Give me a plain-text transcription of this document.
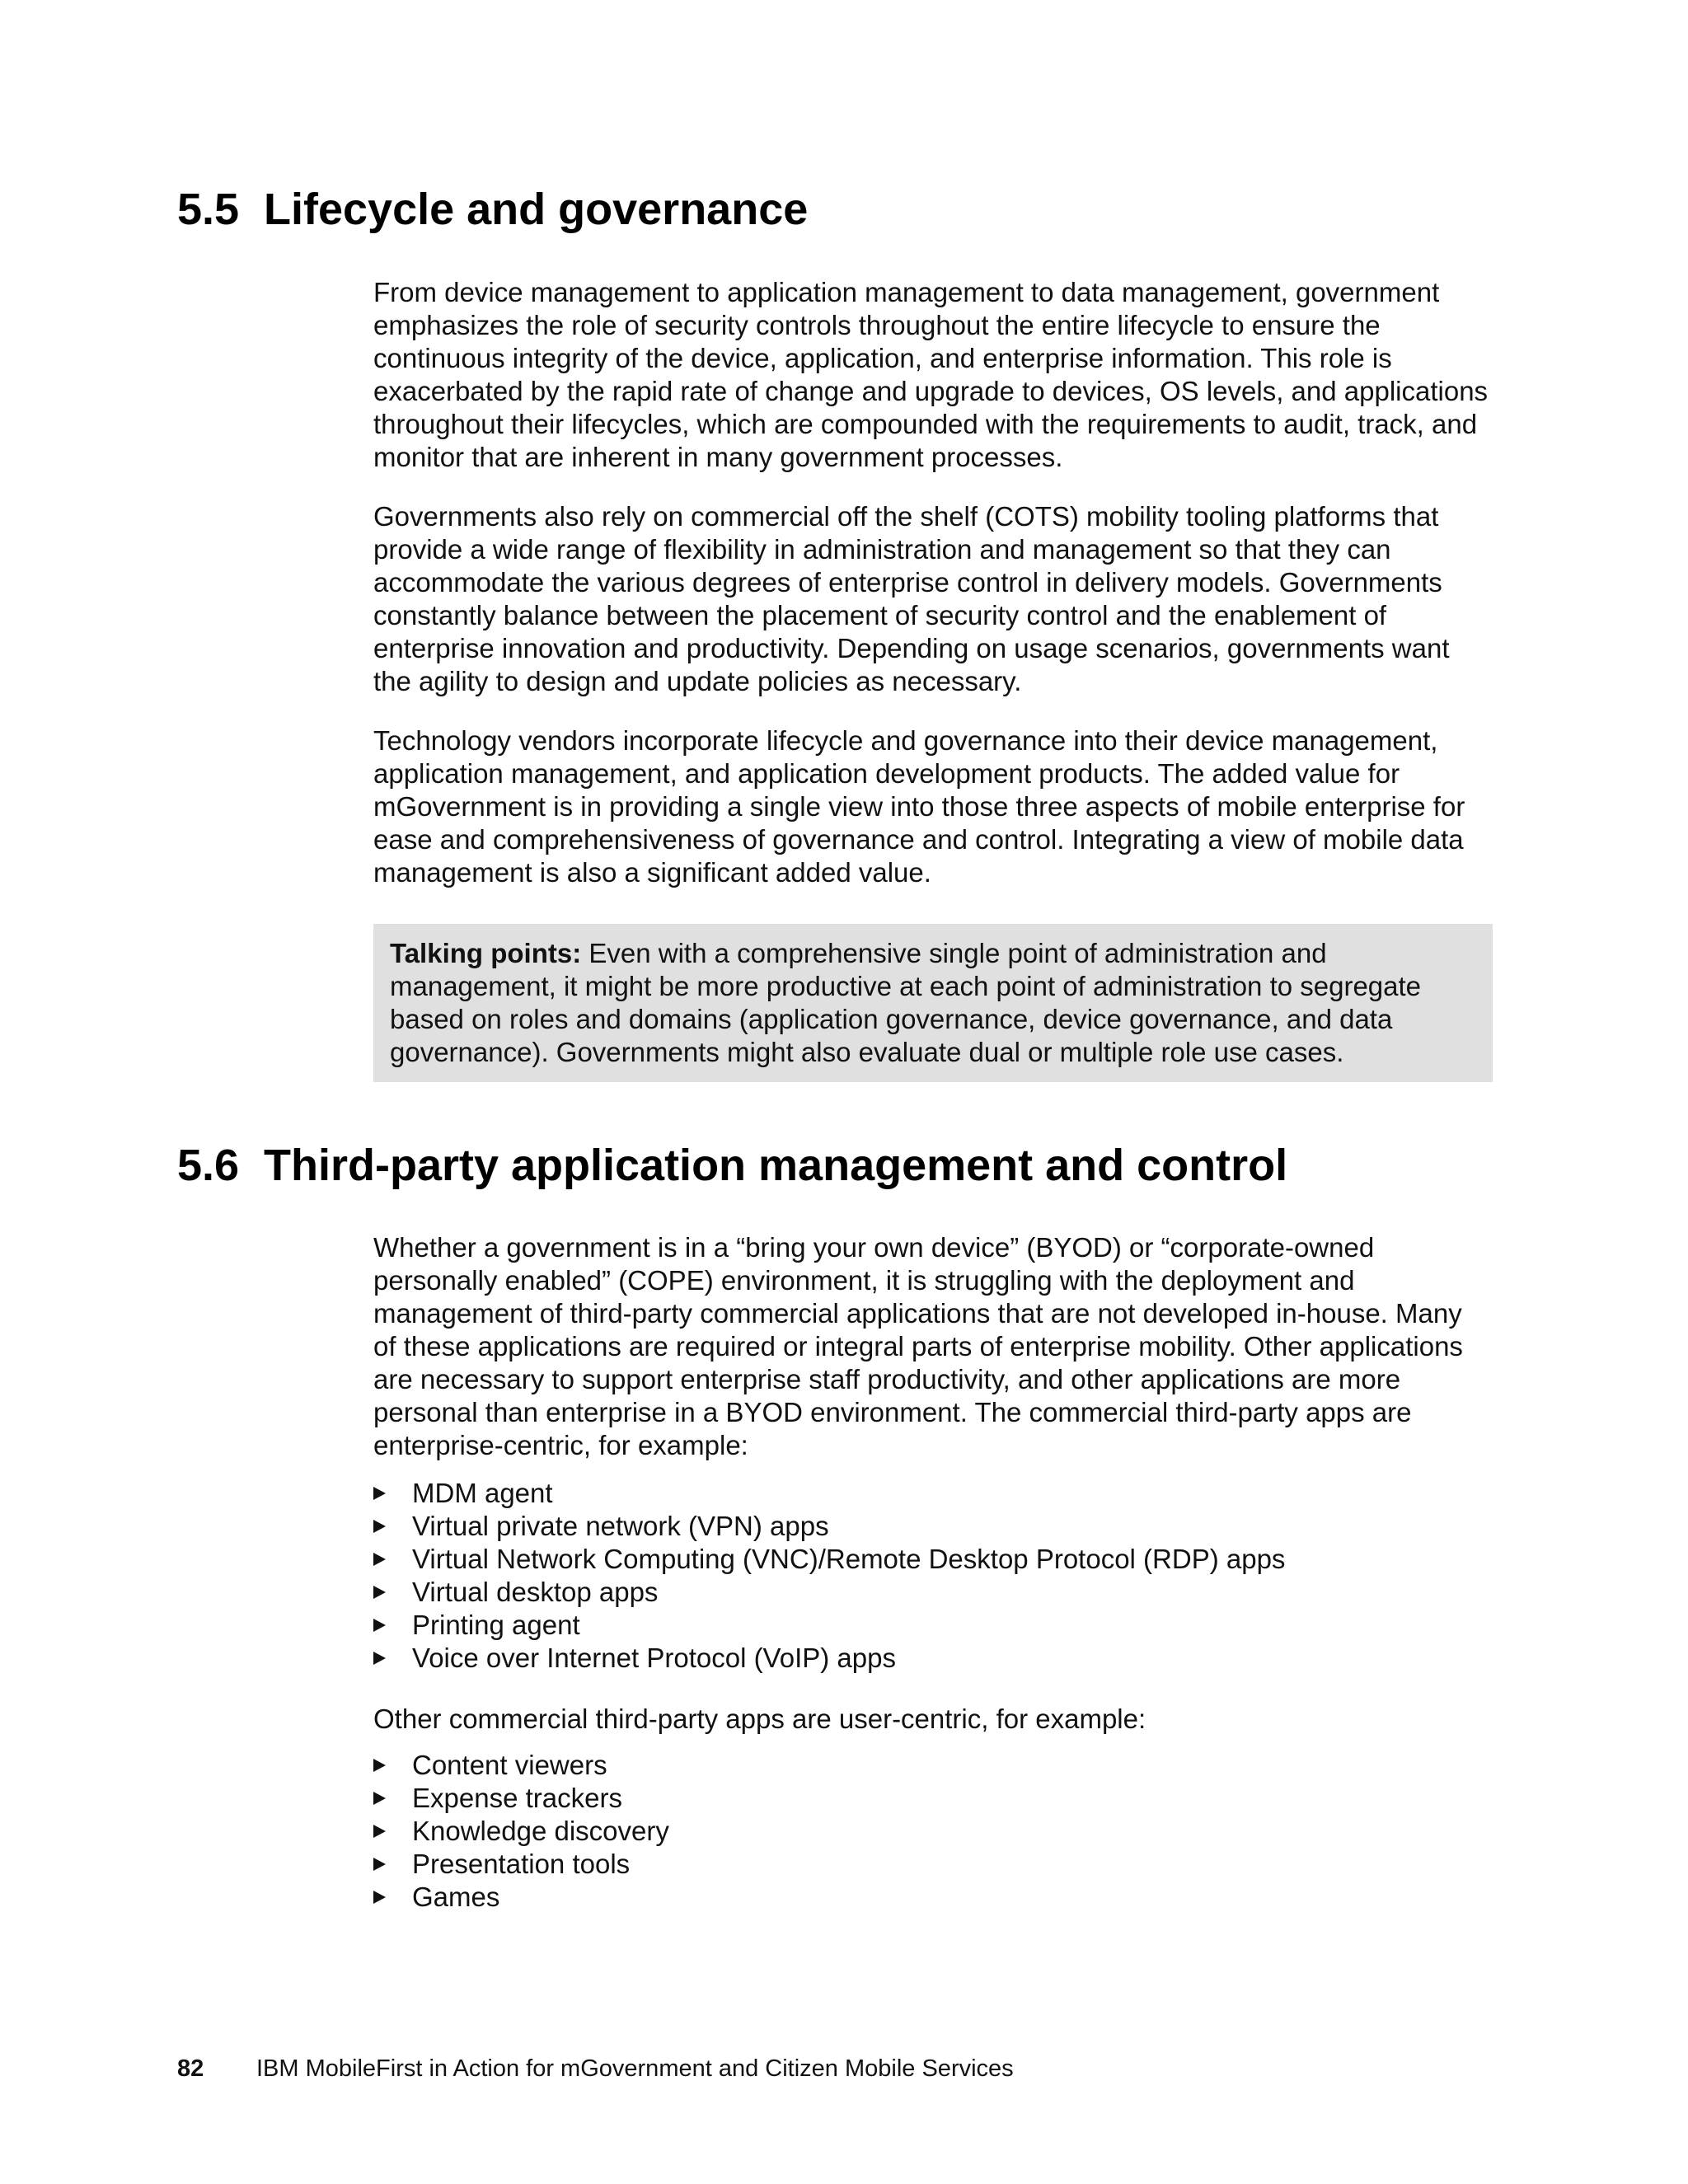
5.5 Lifecycle and governance

From device management to application management to data management, government emphasizes the role of security controls throughout the entire lifecycle to ensure the continuous integrity of the device, application, and enterprise information. This role is exacerbated by the rapid rate of change and upgrade to devices, OS levels, and applications throughout their lifecycles, which are compounded with the requirements to audit, track, and monitor that are inherent in many government processes.

Governments also rely on commercial off the shelf (COTS) mobility tooling platforms that provide a wide range of flexibility in administration and management so that they can accommodate the various degrees of enterprise control in delivery models. Governments constantly balance between the placement of security control and the enablement of enterprise innovation and productivity. Depending on usage scenarios, governments want the agility to design and update policies as necessary.

Technology vendors incorporate lifecycle and governance into their device management, application management, and application development products. The added value for mGovernment is in providing a single view into those three aspects of mobile enterprise for ease and comprehensiveness of governance and control. Integrating a view of mobile data management is also a significant added value.

Talking points: Even with a comprehensive single point of administration and management, it might be more productive at each point of administration to segregate based on roles and domains (application governance, device governance, and data governance). Governments might also evaluate dual or multiple role use cases.
5.6 Third-party application management and control

Whether a government is in a “bring your own device” (BYOD) or “corporate-owned personally enabled” (COPE) environment, it is struggling with the deployment and management of third-party commercial applications that are not developed in-house. Many of these applications are required or integral parts of enterprise mobility. Other applications are necessary to support enterprise staff productivity, and other applications are more personal than enterprise in a BYOD environment. The commercial third-party apps are enterprise-centric, for example:

MDM agent
Virtual private network (VPN) apps
Virtual Network Computing (VNC)/Remote Desktop Protocol (RDP) apps
Virtual desktop apps
Printing agent
Voice over Internet Protocol (VoIP) apps

Other commercial third-party apps are user-centric, for example:

Content viewers
Expense trackers
Knowledge discovery
Presentation tools
Games
82 IBM MobileFirst in Action for mGovernment and Citizen Mobile Services
